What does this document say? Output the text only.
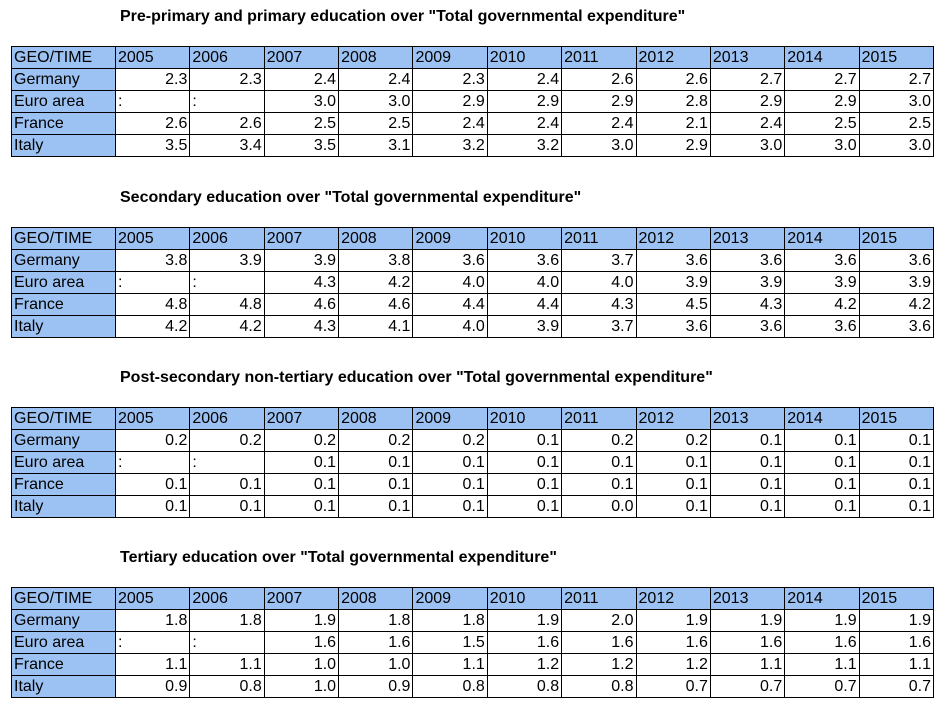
Pre-primary and primary education over "Total governmental expenditure"
GEO/TIME	2005	2006	2007	2008	2009	2010	2011	2012	2013	2014	2015
Germany	2.3	2.3	2.4	2.4	2.3	2.4	2.6	2.6	2.7	2.7	2.7
Euro area	:	:	3.0	3.0	2.9	2.9	2.9	2.8	2.9	2.9	3.0
France	2.6	2.6	2.5	2.5	2.4	2.4	2.4	2.1	2.4	2.5	2.5
Italy	3.5	3.4	3.5	3.1	3.2	3.2	3.0	2.9	3.0	3.0	3.0
Secondary education over "Total governmental expenditure"
GEO/TIME	2005	2006	2007	2008	2009	2010	2011	2012	2013	2014	2015
Germany	3.8	3.9	3.9	3.8	3.6	3.6	3.7	3.6	3.6	3.6	3.6
Euro area	:	:	4.3	4.2	4.0	4.0	4.0	3.9	3.9	3.9	3.9
France	4.8	4.8	4.6	4.6	4.4	4.4	4.3	4.5	4.3	4.2	4.2
Italy	4.2	4.2	4.3	4.1	4.0	3.9	3.7	3.6	3.6	3.6	3.6
Post-secondary non-tertiary education over "Total governmental expenditure"
GEO/TIME	2005	2006	2007	2008	2009	2010	2011	2012	2013	2014	2015
Germany	0.2	0.2	0.2	0.2	0.2	0.1	0.2	0.2	0.1	0.1	0.1
Euro area	:	:	0.1	0.1	0.1	0.1	0.1	0.1	0.1	0.1	0.1
France	0.1	0.1	0.1	0.1	0.1	0.1	0.1	0.1	0.1	0.1	0.1
Italy	0.1	0.1	0.1	0.1	0.1	0.1	0.0	0.1	0.1	0.1	0.1
Tertiary education over "Total governmental expenditure"
GEO/TIME	2005	2006	2007	2008	2009	2010	2011	2012	2013	2014	2015
Germany	1.8	1.8	1.9	1.8	1.8	1.9	2.0	1.9	1.9	1.9	1.9
Euro area	:	:	1.6	1.6	1.5	1.6	1.6	1.6	1.6	1.6	1.6
France	1.1	1.1	1.0	1.0	1.1	1.2	1.2	1.2	1.1	1.1	1.1
Italy	0.9	0.8	1.0	0.9	0.8	0.8	0.8	0.7	0.7	0.7	0.7
